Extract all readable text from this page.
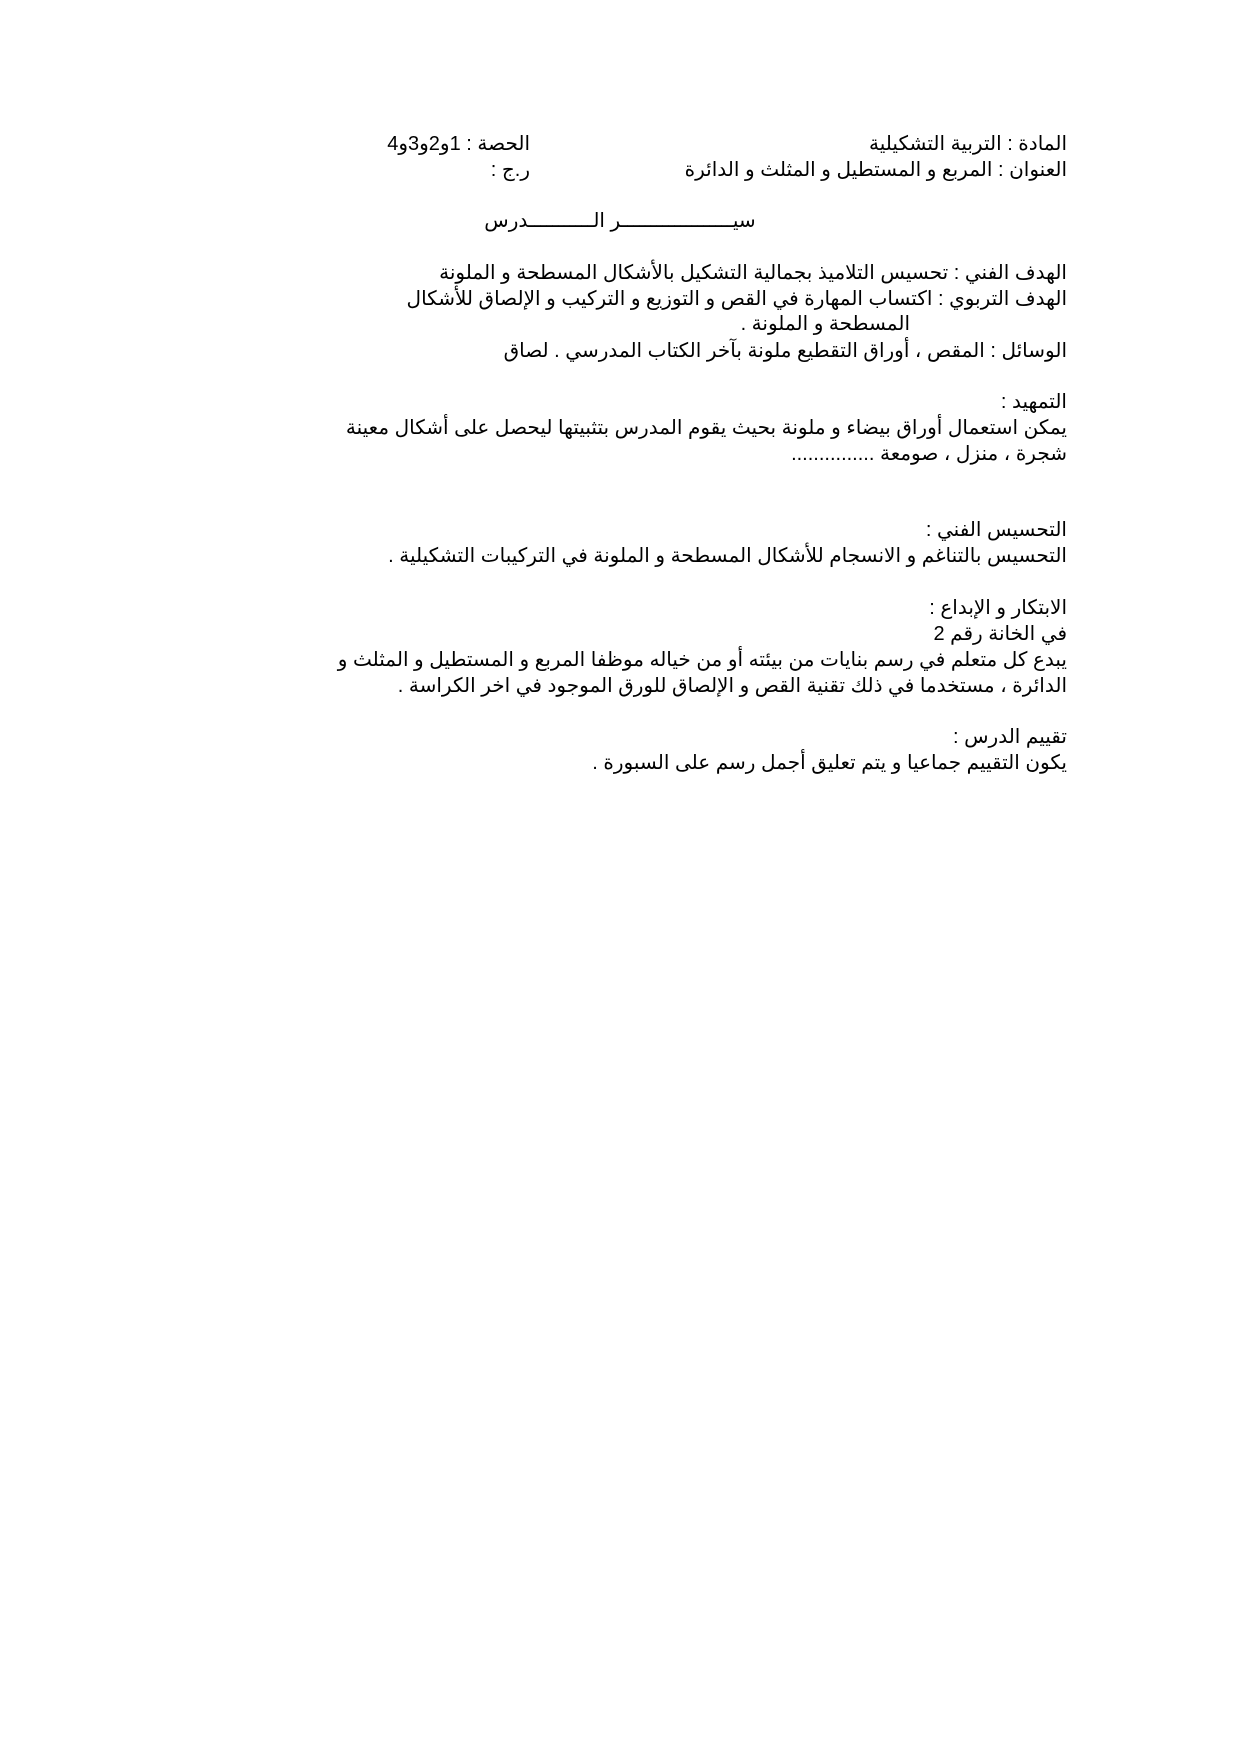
المادة : التربية التشكيلية
الحصة : 1و2و3و4
العنوان : المربع و المستطيل و المثلث و الدائرة
ر.ج :
سيـــــــــــــــــــر الـــــــــــدرس
الهدف الفني : تحسيس التلاميذ بجمالية التشكيل بالأشكال المسطحة و الملونة
الهدف التربوي : اكتساب المهارة في القص و التوزيع و التركيب و الإلصاق للأشكال
المسطحة و الملونة .
الوسائل : المقص ، أوراق التقطيع ملونة بآخر الكتاب المدرسي . لصاق
التمهيد :
يمكن استعمال أوراق بيضاء و ملونة بحيث يقوم المدرس بتثبيتها ليحصل على أشكال معينة
شجرة ، منزل ، صومعة ...............
التحسيس الفني :
التحسيس بالتناغم و الانسجام للأشكال المسطحة و الملونة في التركيبات التشكيلية .
الابتكار و الإبداع :
في الخانة رقم 2
يبدع كل متعلم في رسم بنايات من بيئته أو من خياله موظفا المربع و المستطيل و المثلث و
الدائرة ، مستخدما في ذلك تقنية القص و الإلصاق للورق الموجود في اخر الكراسة .
تقييم الدرس :
يكون التقييم جماعيا و يتم تعليق أجمل رسم على السبورة .
